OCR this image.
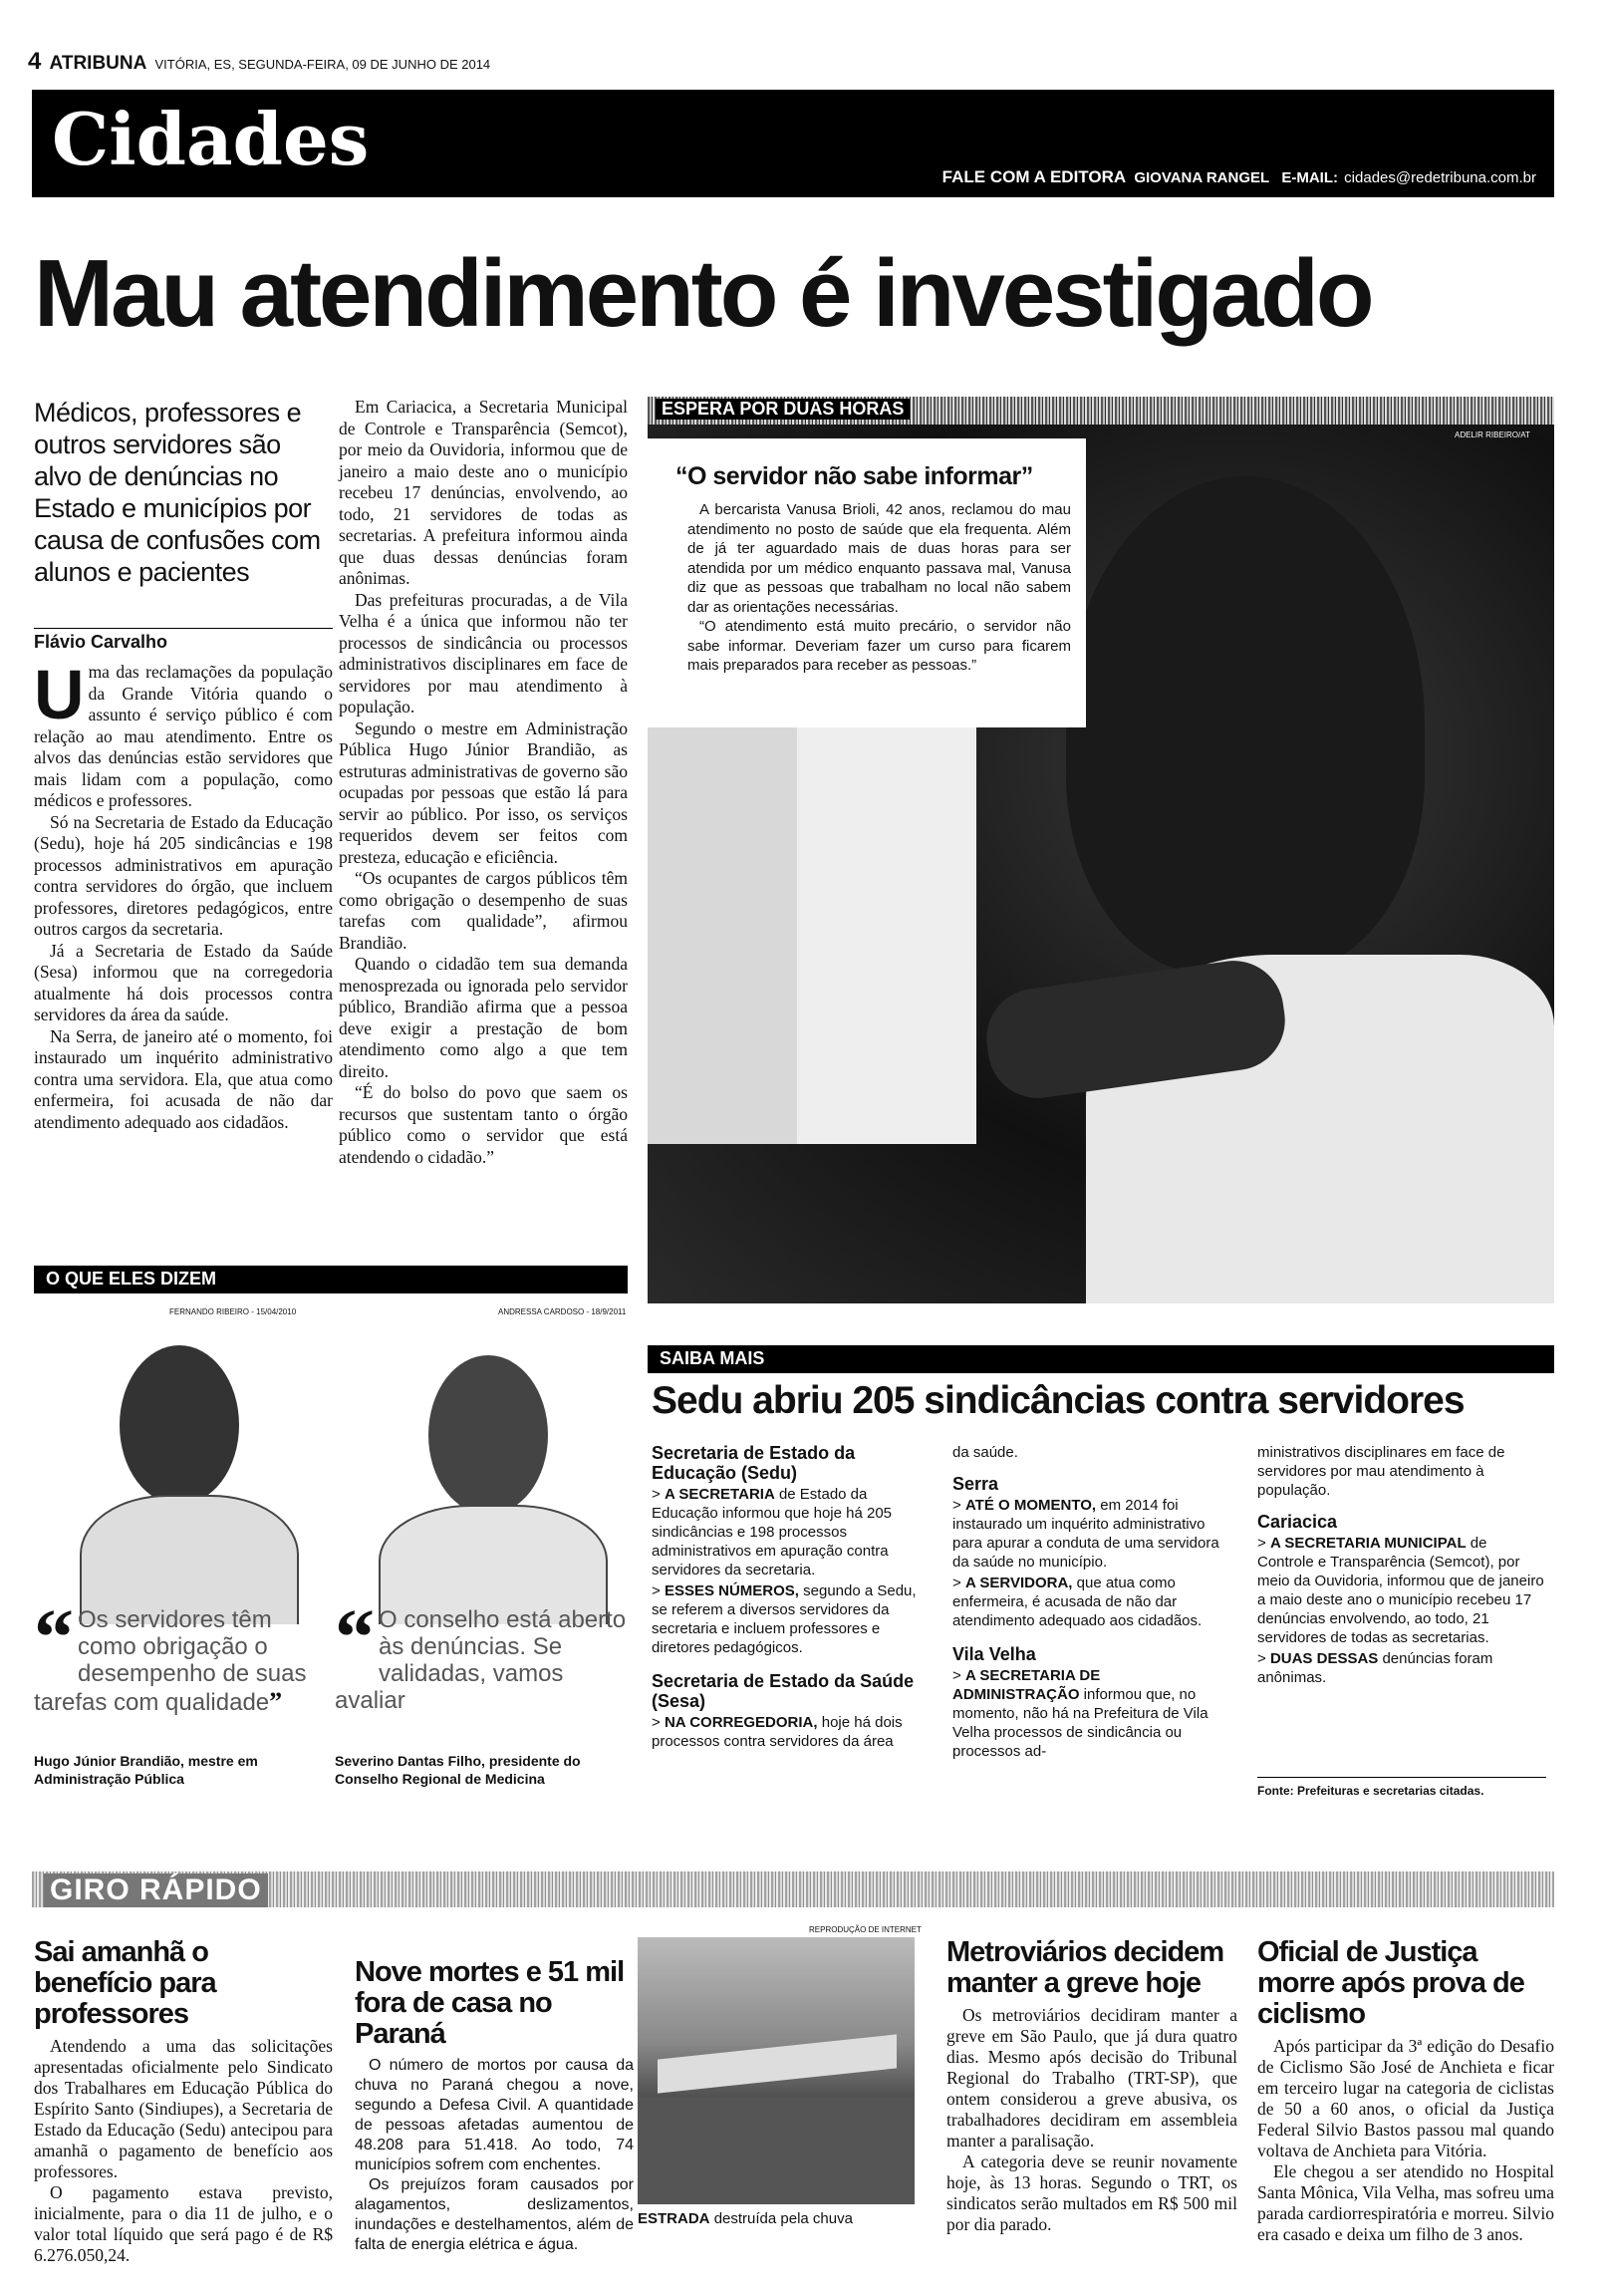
4 ATRIBUNA VITÓRIA, ES, SEGUNDA-FEIRA, 09 DE JUNHO DE 2014
Cidades	FALE COM A EDITORA GIOVANA RANGEL E-MAIL: cidades@redetribuna.com.br
Mau atendimento é investigado
Médicos, professores e outros servidores são alvo de denúncias no Estado e municípios por causa de confusões com alunos e pacientes
Flávio Carvalho

Uma das reclamações da população da Grande Vitória quando o assunto é serviço público é com relação ao mau atendimento. Entre os alvos das denúncias estão servidores que mais lidam com a população, como médicos e professores.

Só na Secretaria de Estado da Educação (Sedu), hoje há 205 sindicâncias e 198 processos administrativos em apuração contra servidores do órgão, que incluem professores, diretores pedagógicos, entre outros cargos da secretaria.

Já a Secretaria de Estado da Saúde (Sesa) informou que na corregedoria atualmente há dois processos contra servidores da área da saúde.

Na Serra, de janeiro até o momento, foi instaurado um inquérito administrativo contra uma servidora. Ela, que atua como enfermeira, foi acusada de não dar atendimento adequado aos cidadãos.

Em Cariacica, a Secretaria Municipal de Controle e Transparência (Semcot), por meio da Ouvidoria, informou que de janeiro a maio deste ano o município recebeu 17 denúncias, envolvendo, ao todo, 21 servidores de todas as secretarias. A prefeitura informou ainda que duas dessas denúncias foram anônimas.

Das prefeituras procuradas, a de Vila Velha é a única que informou não ter processos de sindicância ou processos administrativos disciplinares em face de servidores por mau atendimento à população.

Segundo o mestre em Administração Pública Hugo Júnior Brandião, as estruturas administrativas de governo são ocupadas por pessoas que estão lá para servir ao público. Por isso, os serviços requeridos devem ser feitos com presteza, educação e eficiência.

“Os ocupantes de cargos públicos têm como obrigação o desempenho de suas tarefas com qualidade”, afirmou Brandião.

Quando o cidadão tem sua demanda menosprezada ou ignorada pelo servidor público, Brandião afirma que a pessoa deve exigir a prestação de bom atendimento como algo a que tem direito.

“É do bolso do povo que saem os recursos que sustentam tanto o órgão público como o servidor que está atendendo o cidadão.”

ESPERA POR DUAS HORAS
ADELIR RIBEIRO/AT
“O servidor não sabe informar”

A bercarista Vanusa Brioli, 42 anos, reclamou do mau atendimento no posto de saúde que ela frequenta. Além de já ter aguardado mais de duas horas para ser atendida por um médico enquanto passava mal, Vanusa diz que as pessoas que trabalham no local não sabem dar as orientações necessárias.

“O atendimento está muito precário, o servidor não sabe informar. Deveriam fazer um curso para ficarem mais preparados para receber as pessoas.”

O QUE ELES DIZEM
FERNANDO RIBEIRO - 15/04/2010
“ Os servidores têm como obrigação o desempenho de suas tarefas com qualidade”
Hugo Júnior Brandião, mestre em Administração Pública
ANDRESSA CARDOSO - 18/9/2011
“ O conselho está aberto às denúncias. Se validadas, vamos avaliar
Severino Dantas Filho, presidente do Conselho Regional de Medicina
SAIBA MAIS
Sedu abriu 205 sindicâncias contra servidores
Secretaria de Estado da Educação (Sedu)
> A SECRETARIA de Estado da Educação informou que hoje há 205 sindicâncias e 198 processos administrativos em apuração contra servidores da secretaria.
> ESSES NÚMEROS, segundo a Sedu, se referem a diversos servidores da secretaria e incluem professores e diretores pedagógicos.
Secretaria de Estado da Saúde (Sesa)
> NA CORREGEDORIA, hoje há dois processos contra servidores da área
da saúde.
Serra
> ATÉ O MOMENTO, em 2014 foi instaurado um inquérito administrativo para apurar a conduta de uma servidora da saúde no município.
> A SERVIDORA, que atua como enfermeira, é acusada de não dar atendimento adequado aos cidadãos.
Vila Velha
> A SECRETARIA DE ADMINISTRAÇÃO informou que, no momento, não há na Prefeitura de Vila Velha processos de sindicância ou processos ad-
ministrativos disciplinares em face de servidores por mau atendimento à população.
Cariacica
> A SECRETARIA MUNICIPAL de Controle e Transparência (Semcot), por meio da Ouvidoria, informou que de janeiro a maio deste ano o município recebeu 17 denúncias envolvendo, ao todo, 21 servidores de todas as secretarias.
> DUAS DESSAS denúncias foram anônimas.
Fonte: Prefeituras e secretarias citadas.
GIRO RÁPIDO
Sai amanhã o benefício para professores

Atendendo a uma das solicitações apresentadas oficialmente pelo Sindicato dos Trabalhares em Educação Pública do Espírito Santo (Sindiupes), a Secretaria de Estado da Educação (Sedu) antecipou para amanhã o pagamento de benefício aos professores.

O pagamento estava previsto, inicialmente, para o dia 11 de julho, e o valor total líquido que será pago é de R$ 6.276.050,24.

REPRODUÇÃO DE INTERNET
Nove mortes e 51 mil fora de casa no Paraná

O número de mortos por causa da chuva no Paraná chegou a nove, segundo a Defesa Civil. A quantidade de pessoas afetadas aumentou de 48.208 para 51.418. Ao todo, 74 municípios sofrem com enchentes.

Os prejuízos foram causados por alagamentos, deslizamentos, inundações e destelhamentos, além de falta de energia elétrica e água.

ESTRADA destruída pela chuva
Metroviários decidem manter a greve hoje

Os metroviários decidiram manter a greve em São Paulo, que já dura quatro dias. Mesmo após decisão do Tribunal Regional do Trabalho (TRT-SP), que ontem considerou a greve abusiva, os trabalhadores decidiram em assembleia manter a paralisação.

A categoria deve se reunir novamente hoje, às 13 horas. Segundo o TRT, os sindicatos serão multados em R$ 500 mil por dia parado.

Oficial de Justiça morre após prova de ciclismo

Após participar da 3ª edição do Desafio de Ciclismo São José de Anchieta e ficar em terceiro lugar na categoria de ciclistas de 50 a 60 anos, o oficial da Justiça Federal Silvio Bastos passou mal quando voltava de Anchieta para Vitória.

Ele chegou a ser atendido no Hospital Santa Mônica, Vila Velha, mas sofreu uma parada cardiorrespiratória e morreu. Silvio era casado e deixa um filho de 3 anos.
